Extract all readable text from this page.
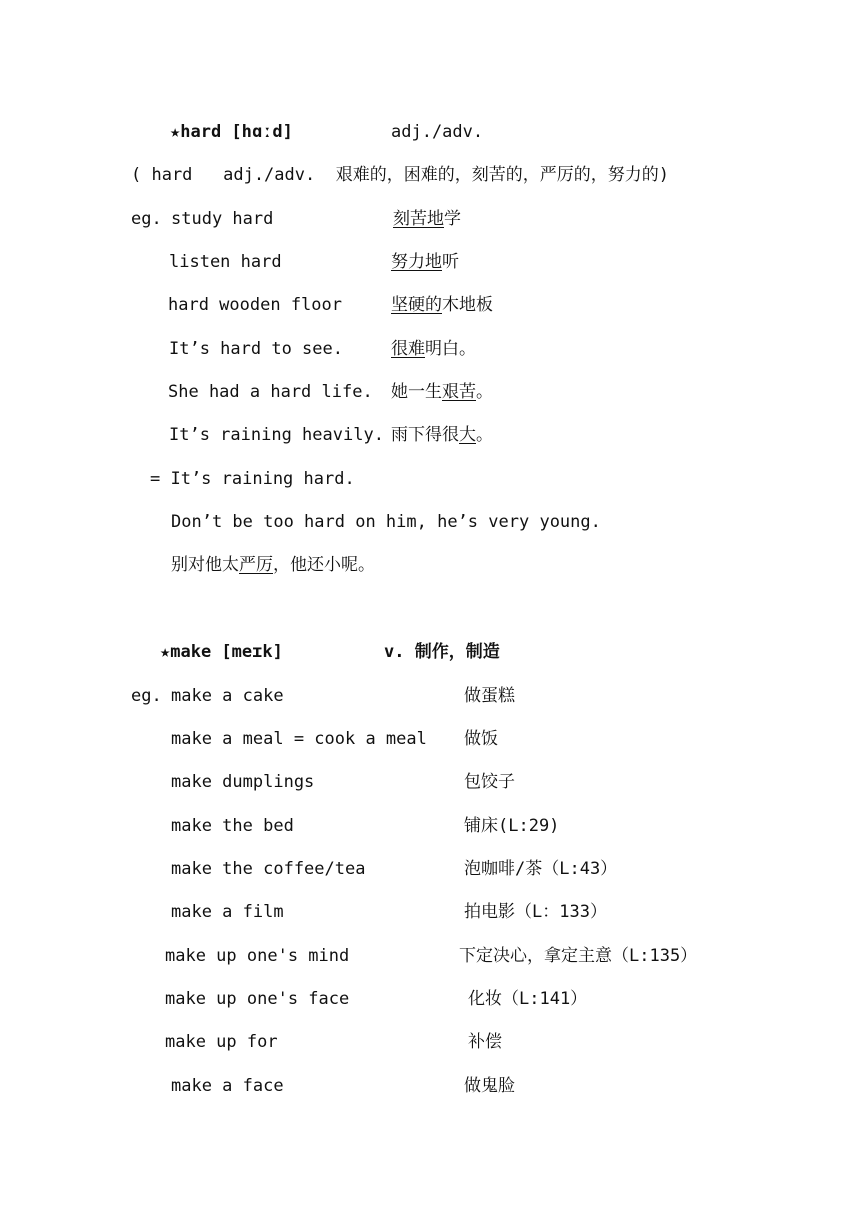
★hard [hɑːd]	adj./adv.
( hard   adj./adv.  艰难的，困难的，刻苦的，严厉的，努力的)
eg. study hard	刻苦地学
listen hard	努力地听
hard wooden floor	坚硬的木地板
It’s hard to see.	很难明白。
She had a hard life. 她一生艰苦。
It’s raining heavily. 雨下得很大。
= It’s raining hard.
Don’t be too hard on him, he’s very young.
别对他太严厉，他还小呢。
★make [meɪk]	v. 制作，制造
eg. make a cake	做蛋糕
make a meal = cook a meal 做饭
make dumplings	包饺子
make the bed	铺床(L:29)
make the coffee/tea	泡咖啡/茶（L:43）
make a film	拍电影（L：133）
make up one's mind	下定决心，拿定主意（L:135）
make up one's face	化妆（L:141）
make up for	补偿
make a face	做鬼脸
